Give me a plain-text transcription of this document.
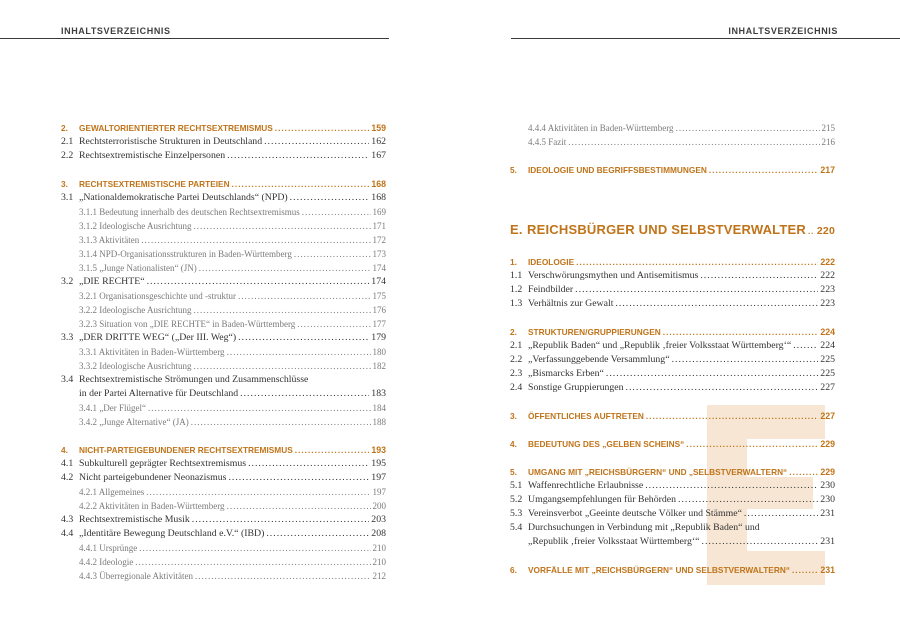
INHALTSVERZEICHNIS	INHALTSVERZEICHNIS
2.	GEWALTORIENTIERTER RECHTSEXTREMISMUS .....	159
2.1 Rechtsterroristische Strukturen in Deutschland .....	162
2.2 Rechtsextremistische Einzelpersonen .....	167
3.	RECHTSEXTREMISTISCHE PARTEIEN .....	168
3.1 „Nationaldemokratische Partei Deutschlands“ (NPD) .....	168
3.1.1 Bedeutung innerhalb des deutschen Rechtsextremismus .....	169
3.1.2 Ideologische Ausrichtung .....	171
3.1.3 Aktivitäten .....	172
3.1.4 NPD-Organisationsstrukturen in Baden-Württemberg .....	173
3.1.5 „Junge Nationalisten“ (JN) .....	174
3.2 „DIE RECHTE“ .....	174
3.2.1 Organisationsgeschichte und -struktur .....	175
3.2.2 Ideologische Ausrichtung .....	176
3.2.3 Situation von „DIE RECHTE“ in Baden-Württemberg .....	177
3.3 „DER DRITTE WEG“ („Der III. Weg“) .....	179
3.3.1 Aktivitäten in Baden-Württemberg .....	180
3.3.2 Ideologische Ausrichtung .....	182
3.4 Rechtsextremistische Strömungen und Zusammenschlüsse
in der Partei Alternative für Deutschland .....	183
3.4.1 „Der Flügel“ .....	184
3.4.2 „Junge Alternative“ (JA) .....	188
4.	NICHT-PARTEIGEBUNDENER RECHTSEXTREMISMUS .....	193
4.1 Subkulturell geprägter Rechtsextremismus .....	195
4.2 Nicht parteigebundener Neonazismus .....	197
4.2.1 Allgemeines .....	197
4.2.2 Aktivitäten in Baden-Württemberg .....	200
4.3 Rechtsextremistische Musik .....	203
4.4 „Identitäre Bewegung Deutschland e.V.“ (IBD) .....	208
4.4.1 Ursprünge .....	210
4.4.2 Ideologie .....	210
4.4.3 Überregionale Aktivitäten .....	212
4.4.4 Aktivitäten in Baden-Württemberg .....	215
4.4.5 Fazit .....	216
5.	IDEOLOGIE UND BEGRIFFSBESTIMMUNGEN .....	217
E. REICHSBÜRGER UND SELBSTVERWALTER ..... 220
1.	IDEOLOGIE .....	222
1.1 Verschwörungsmythen und Antisemitismus .....	222
1.2 Feindbilder .....	223
1.3 Verhältnis zur Gewalt .....	223
2.	STRUKTUREN/GRUPPIERUNGEN .....	224
2.1 „Republik Baden“ und „Republik ‚freier Volksstaat Württemberg‘“ .....	224
2.2 „Verfassunggebende Versammlung“ .....	225
2.3 „Bismarcks Erben“ .....	225
2.4 Sonstige Gruppierungen .....	227
3.	ÖFFENTLICHES AUFTRETEN .....	227
4.	BEDEUTUNG DES „GELBEN SCHEINS“ .....	229
5.	UMGANG MIT „REICHSBÜRGERN“ UND „SELBSTVERWALTERN“ .....	229
5.1 Waffenrechtliche Erlaubnisse .....	230
5.2 Umgangsempfehlungen für Behörden .....	230
5.3 Vereinsverbot „Geeinte deutsche Völker und Stämme“ .....	231
5.4 Durchsuchungen in Verbindung mit „Republik Baden“ und
„Republik ‚freier Volksstaat Württemberg‘“ .....	231
6.	VORFÄLLE MIT „REICHSBÜRGERN“ UND SELBSTVERWALTERN“ .....	231
